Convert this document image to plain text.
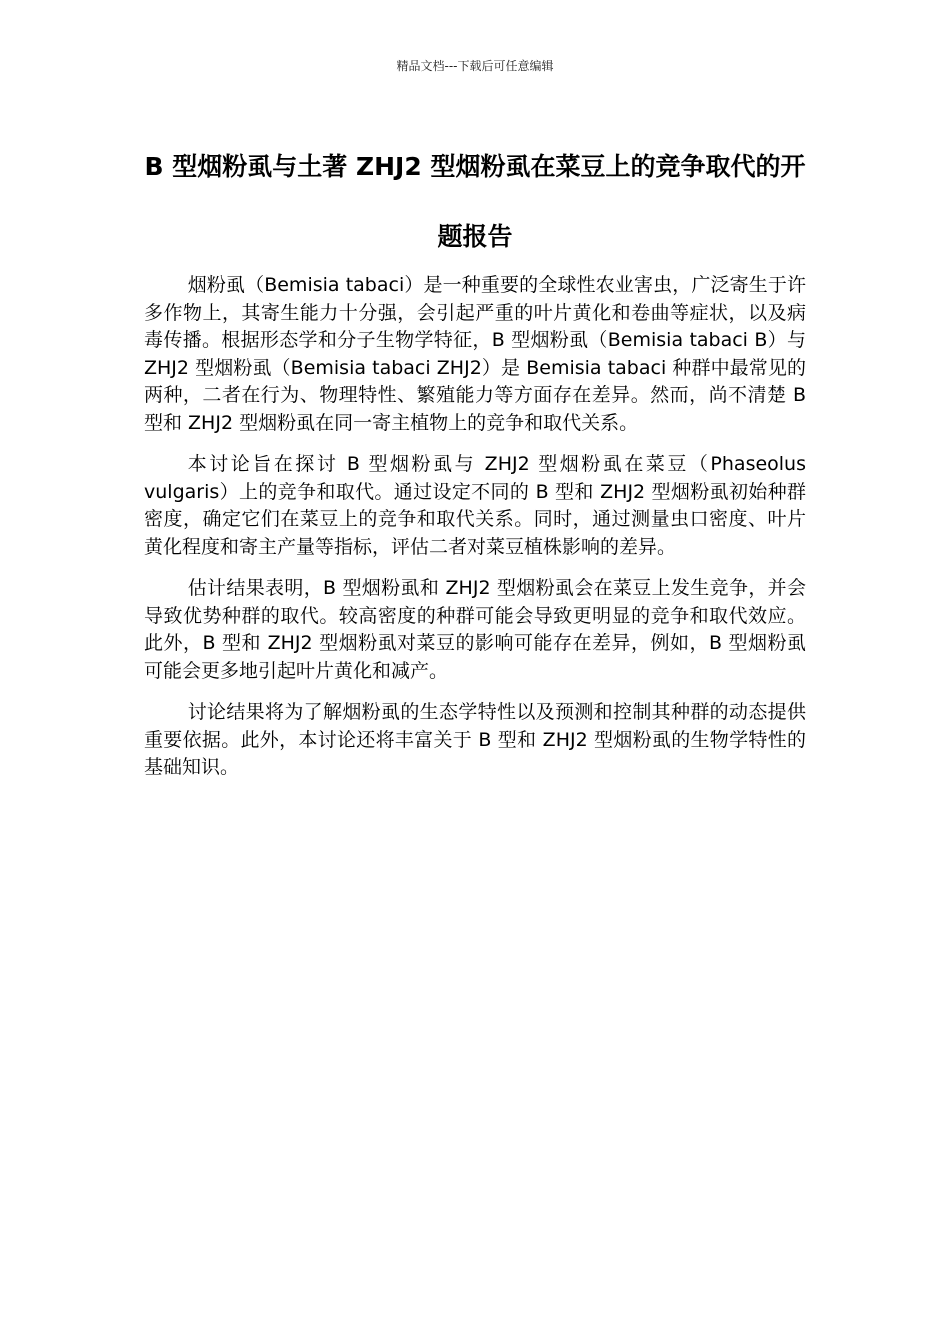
精品文档---下载后可任意编辑
B 型烟粉虱与土著 ZHJ2 型烟粉虱在菜豆上的竞争取代的开题报告

烟粉虱（Bemisia tabaci）是一种重要的全球性农业害虫，广泛寄生于许多作物上，其寄生能力十分强，会引起严重的叶片黄化和卷曲等症状，以及病毒传播。根据形态学和分子生物学特征，B 型烟粉虱（Bemisia tabaci B）与 ZHJ2 型烟粉虱（Bemisia tabaci ZHJ2）是 Bemisia tabaci 种群中最常见的两种，二者在行为、物理特性、繁殖能力等方面存在差异。然而，尚不清楚 B 型和 ZHJ2 型烟粉虱在同一寄主植物上的竞争和取代关系。

本讨论旨在探讨 B 型烟粉虱与 ZHJ2 型烟粉虱在菜豆（Phaseolus vulgaris）上的竞争和取代。通过设定不同的 B 型和 ZHJ2 型烟粉虱初始种群密度，确定它们在菜豆上的竞争和取代关系。同时，通过测量虫口密度、叶片黄化程度和寄主产量等指标，评估二者对菜豆植株影响的差异。

估计结果表明，B 型烟粉虱和 ZHJ2 型烟粉虱会在菜豆上发生竞争，并会导致优势种群的取代。较高密度的种群可能会导致更明显的竞争和取代效应。此外，B 型和 ZHJ2 型烟粉虱对菜豆的影响可能存在差异，例如，B 型烟粉虱可能会更多地引起叶片黄化和减产。

讨论结果将为了解烟粉虱的生态学特性以及预测和控制其种群的动态提供重要依据。此外，本讨论还将丰富关于 B 型和 ZHJ2 型烟粉虱的生物学特性的基础知识。
